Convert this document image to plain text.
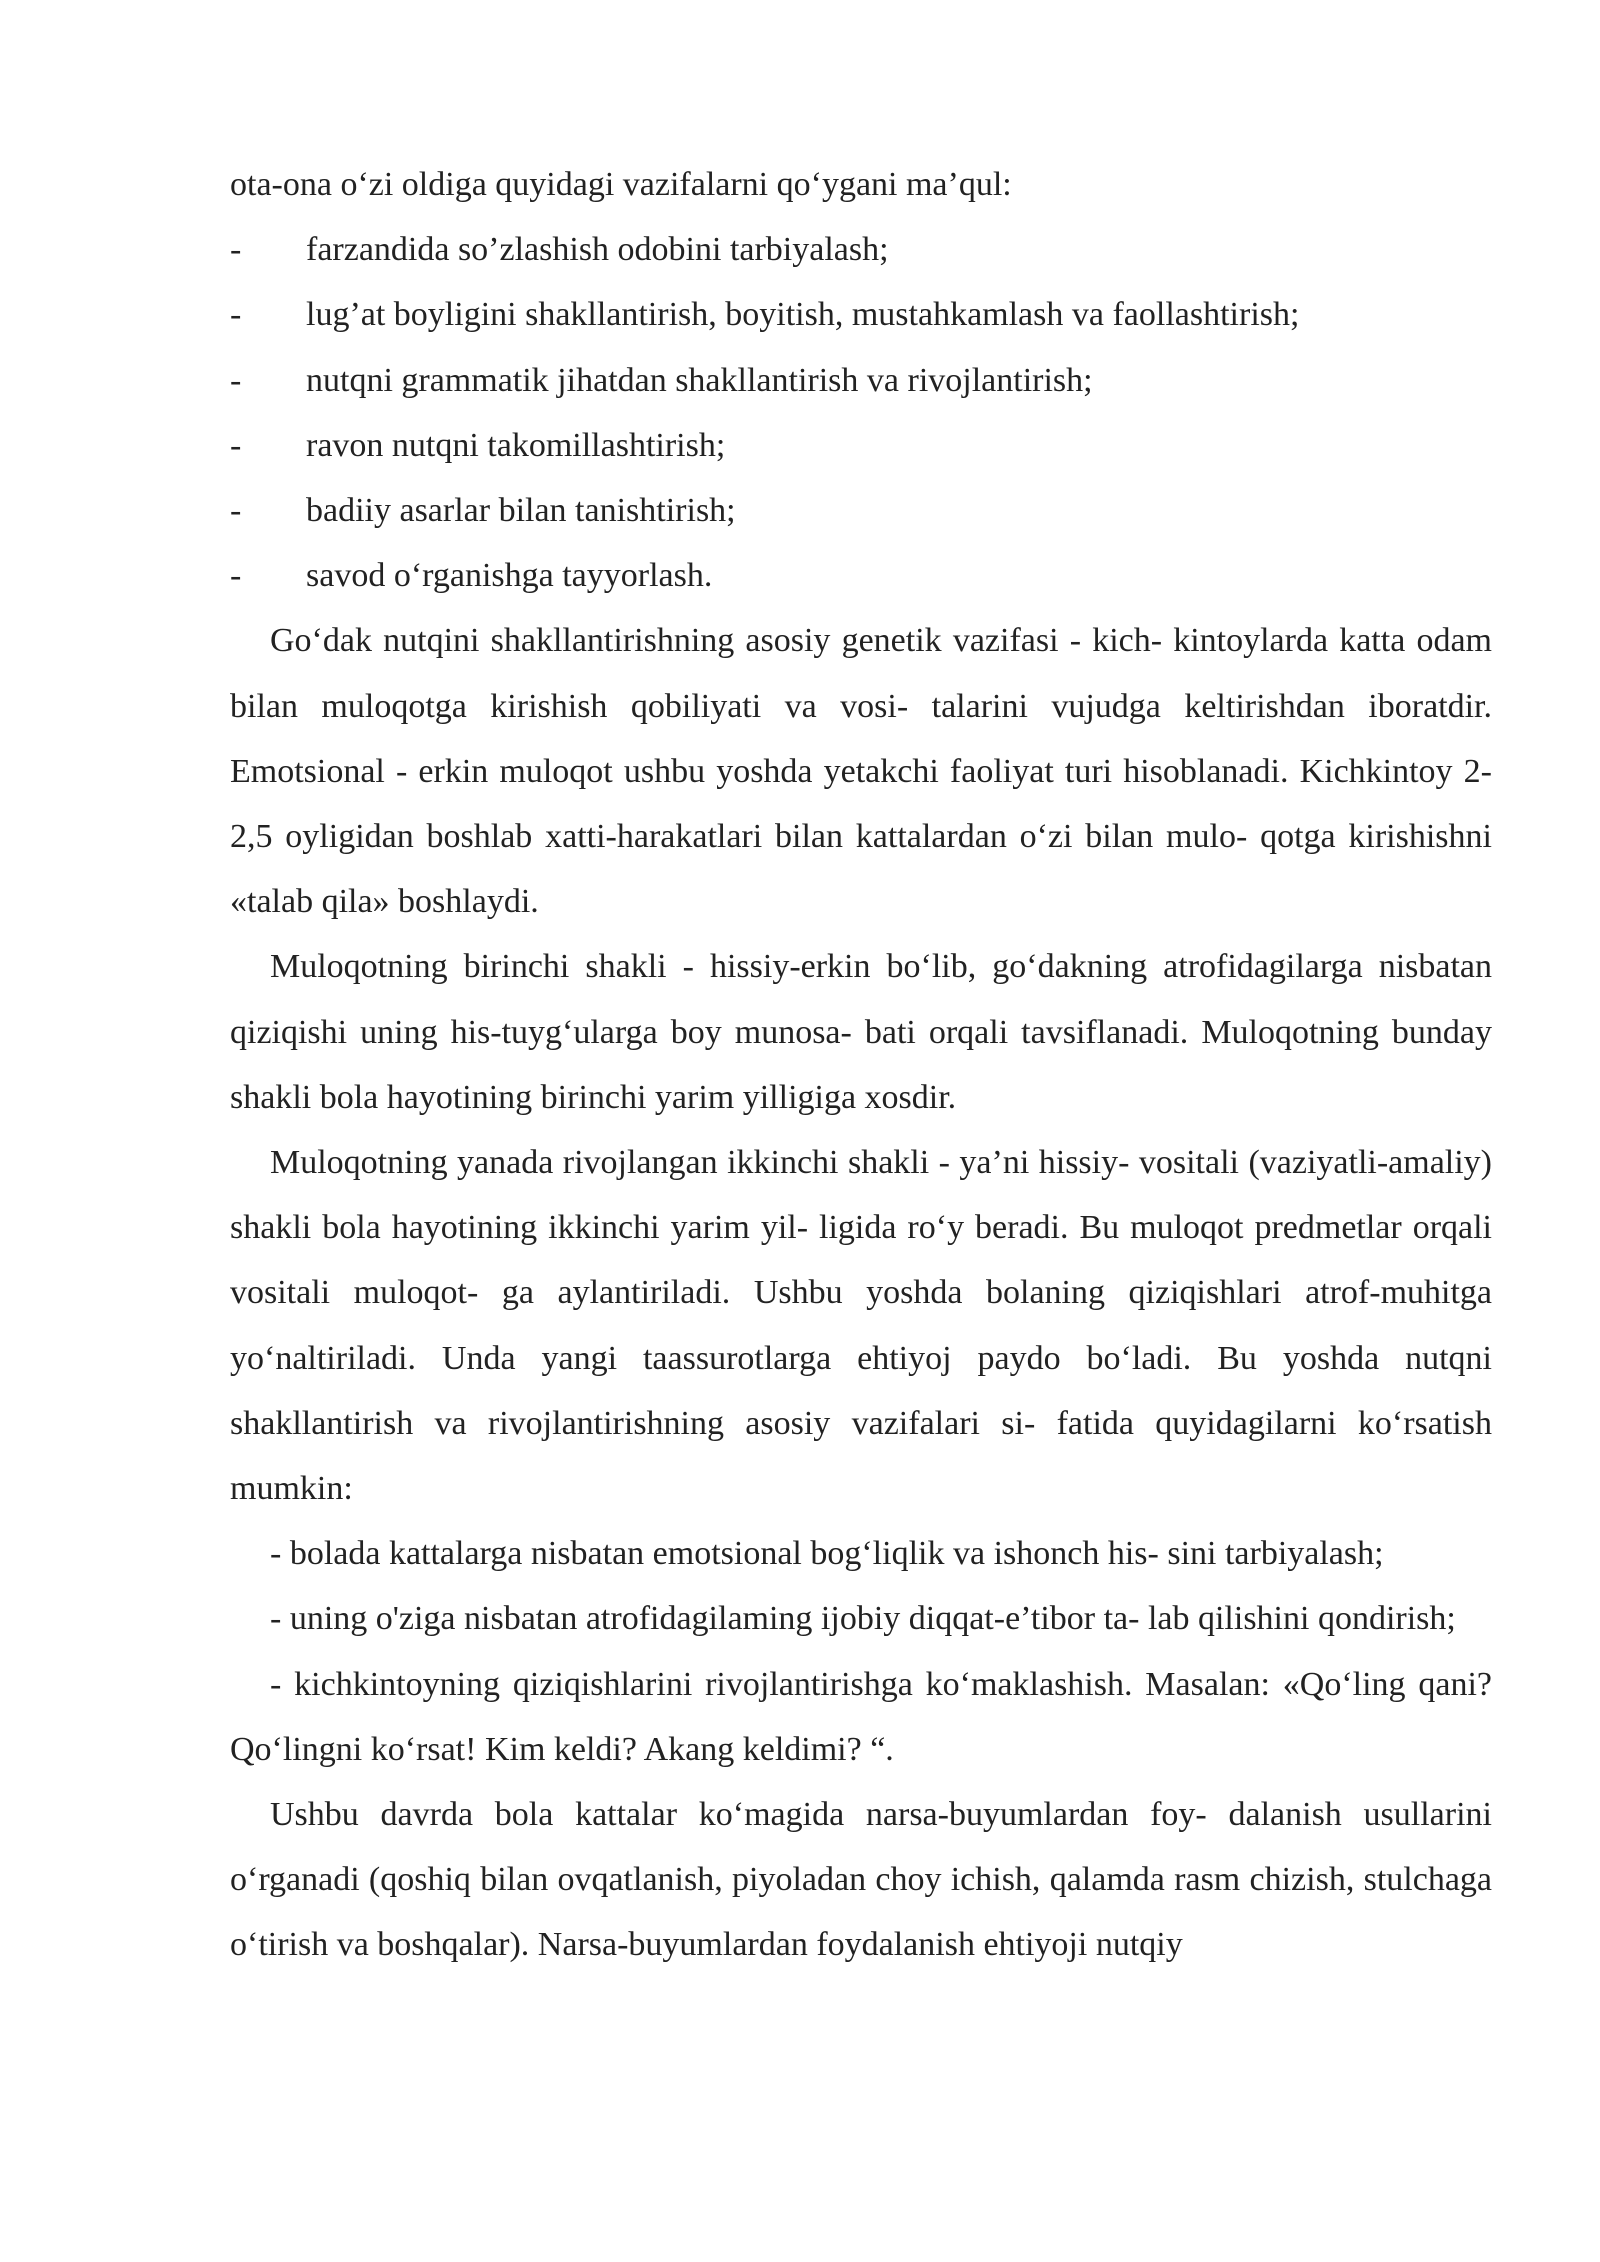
ota-ona o‘zi oldiga quyidagi vazifalarni qo‘ygani ma’qul:

-	farzandida so’zlashish odobini tarbiyalash;
-	lug’at boyligini shakllantirish, boyitish, mustahkamlash va faollashtirish;
-	nutqni grammatik jihatdan shakllantirish va rivojlantirish;
-	ravon nutqni takomillashtirish;
-	badiiy asarlar bilan tanishtirish;
-	savod o‘rganishga tayyorlash.

Go‘dak nutqini shakllantirishning asosiy genetik vazifasi - kich- kintoylarda katta odam bilan muloqotga kirishish qobiliyati va vosi- talarini vujudga keltirishdan iboratdir. Emotsional - erkin muloqot ushbu yoshda yetakchi faoliyat turi hisoblanadi. Kichkintoy 2-2,5 oyligidan boshlab xatti-harakatlari bilan kattalardan o‘zi bilan mulo- qotga kirishishni «talab qila» boshlaydi.

Muloqotning birinchi shakli - hissiy-erkin bo‘lib, go‘dakning atrofidagilarga nisbatan qiziqishi uning his-tuyg‘ularga boy munosa- bati orqali tavsiflanadi. Muloqotning bunday shakli bola hayotining birinchi yarim yilligiga xosdir.

Muloqotning yanada rivojlangan ikkinchi shakli - ya’ni hissiy- vositali (vaziyatli-amaliy) shakli bola hayotining ikkinchi yarim yil- ligida ro‘y beradi. Bu muloqot predmetlar orqali vositali muloqot- ga aylantiriladi. Ushbu yoshda bolaning qiziqishlari atrof-muhitga yo‘naltiriladi. Unda yangi taassurotlarga ehtiyoj paydo bo‘ladi. Bu yoshda nutqni shakllantirish va rivojlantirishning asosiy vazifalari si- fatida quyidagilarni ko‘rsatish mumkin:

- bolada kattalarga nisbatan emotsional bog‘liqlik va ishonch his- sini tarbiyalash;

- uning o'ziga nisbatan atrofidagilaming ijobiy diqqat-e’tibor ta- lab qilishini qondirish;

- kichkintoyning qiziqishlarini rivojlantirishga ko‘maklashish. Masalan: «Qo‘ling qani? Qo‘lingni ko‘rsat! Kim keldi? Akang keldimi? “.

Ushbu davrda bola kattalar ko‘magida narsa-buyumlardan foy- dalanish usullarini o‘rganadi (qoshiq bilan ovqatlanish, piyoladan choy ichish, qalamda rasm chizish, stulchaga o‘tirish va boshqalar). Narsa-buyumlardan foydalanish ehtiyoji nutqiy
